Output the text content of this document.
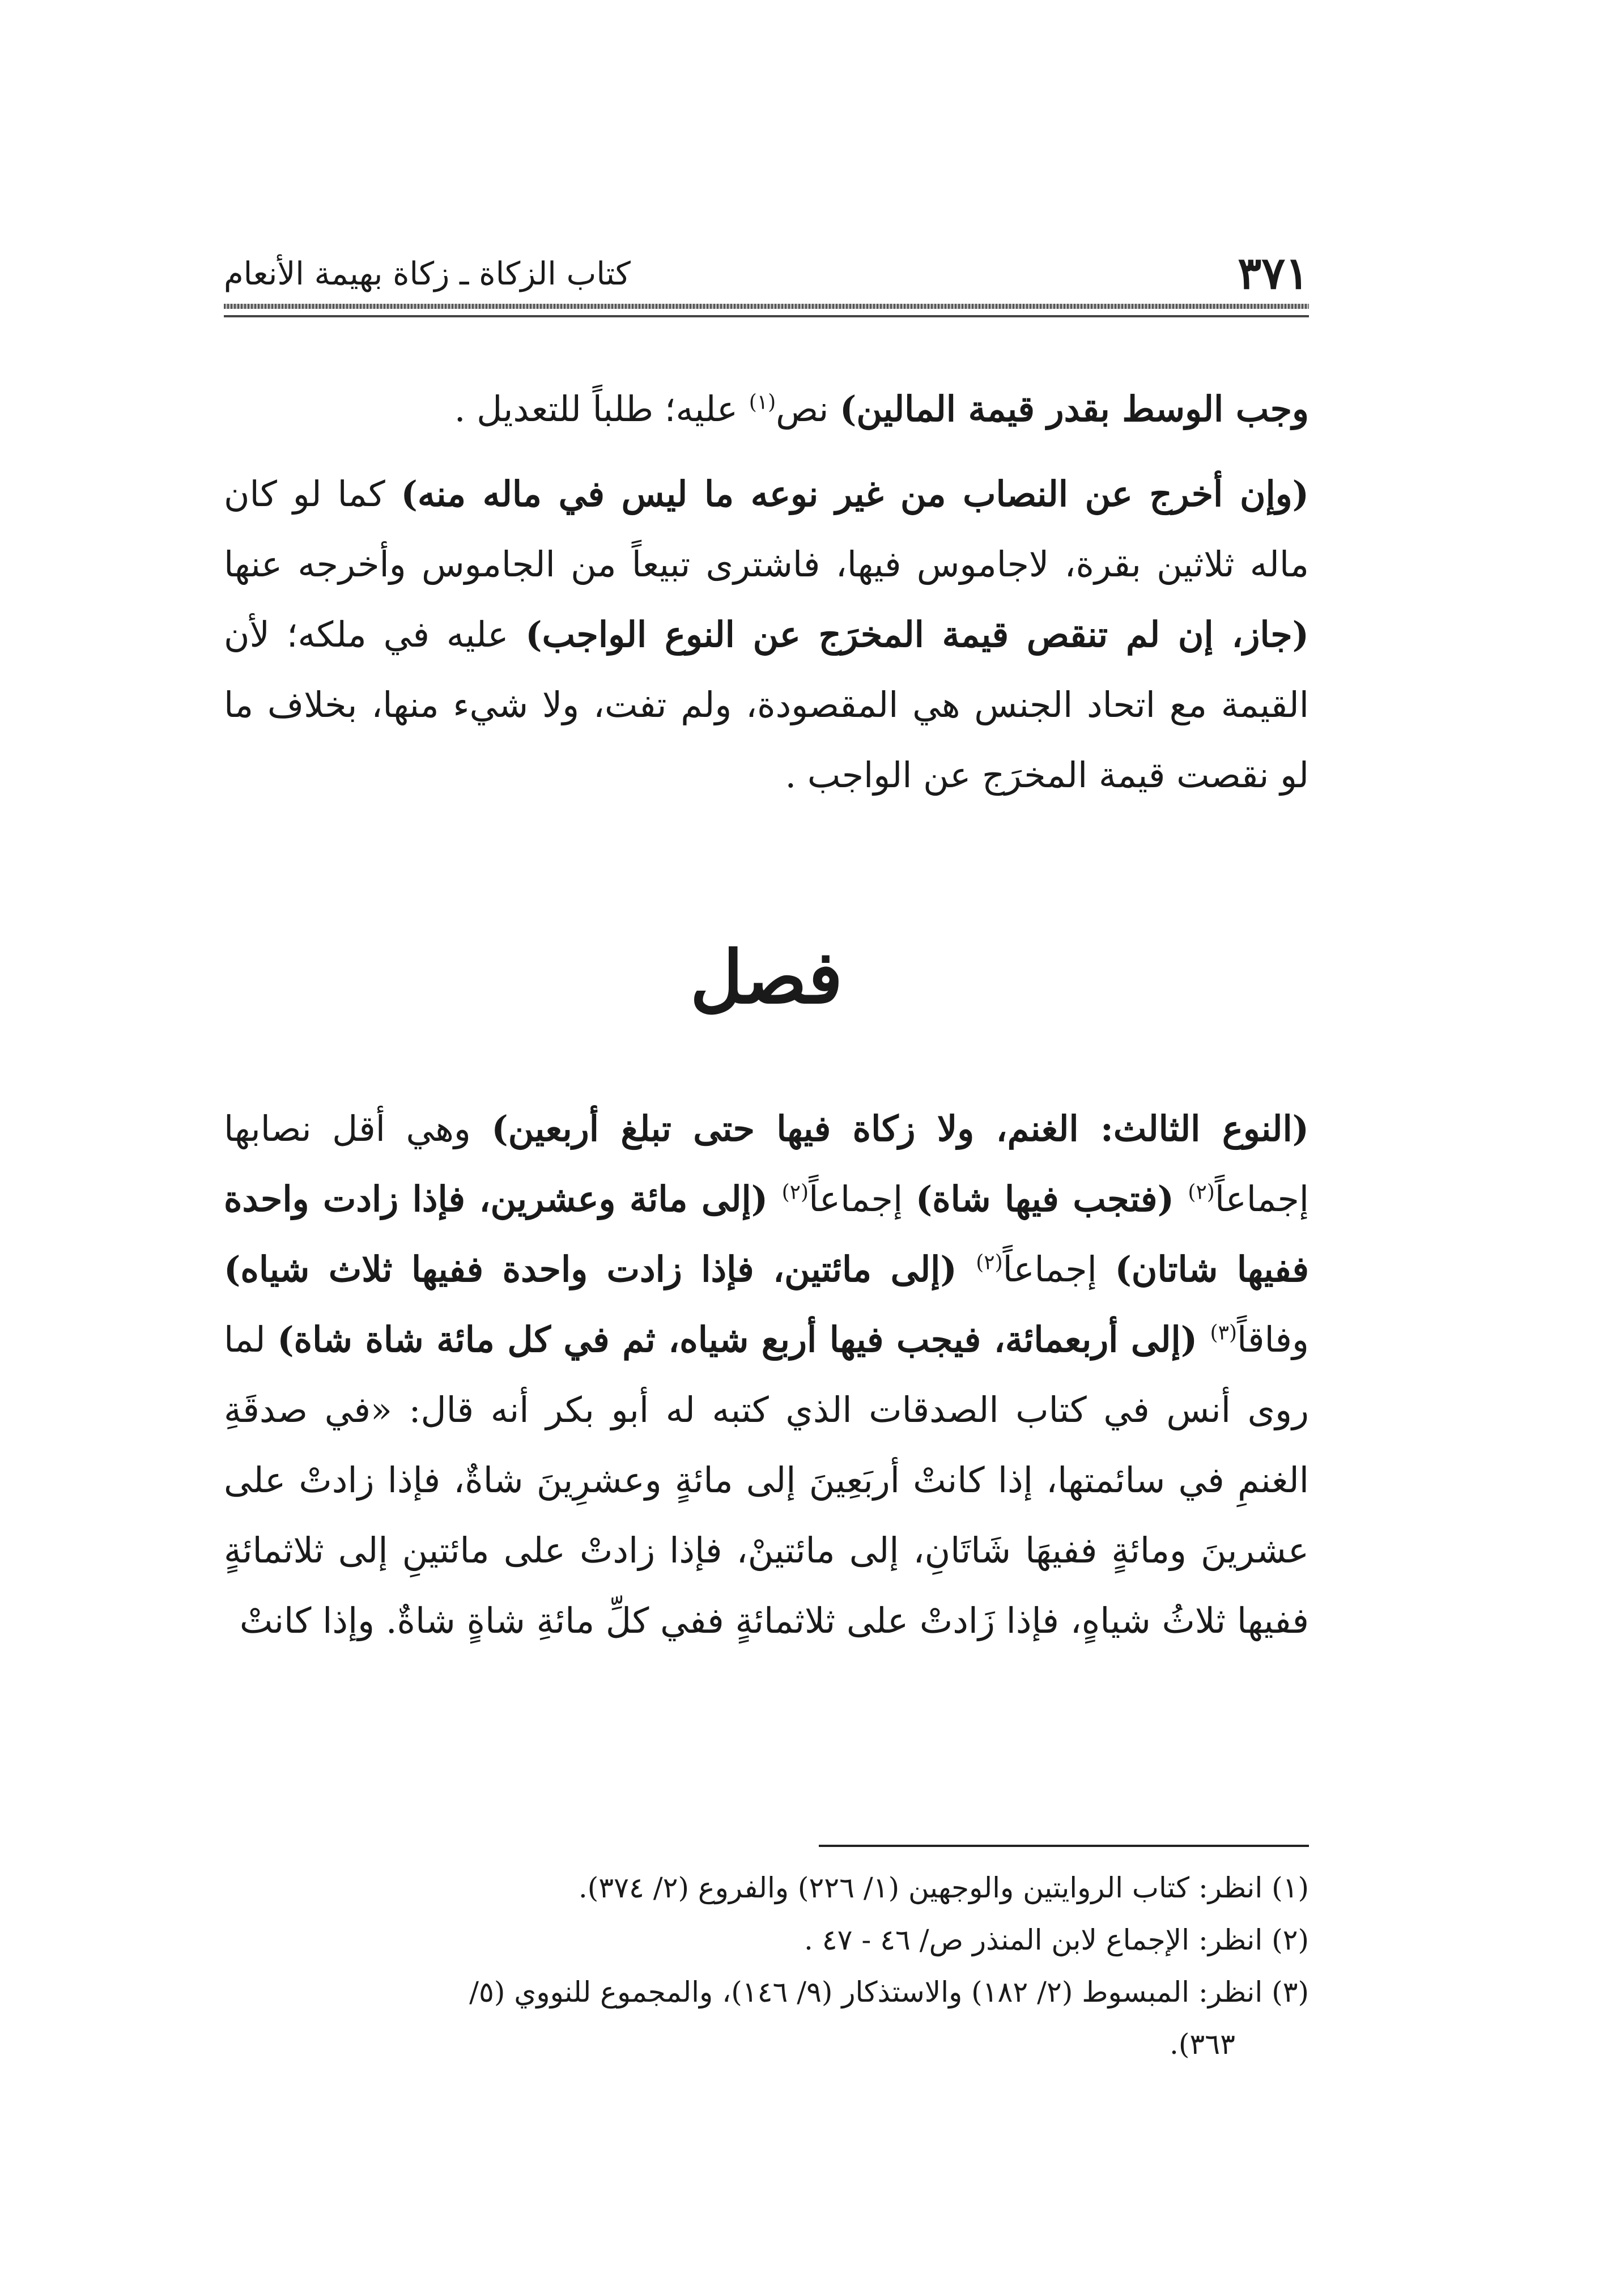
٣٧١
كتاب الزكاة ـ زكاة بهيمة الأنعام

وجب الوسط بقدر قيمة المالين) نص$^{(١)}$ عليه؛ طلباً للتعديل .

(وإن أخرج عن النصاب من غير نوعه ما ليس في ماله منه) كما لو كان ماله ثلاثين بقرة، لاجاموس فيها، فاشترى تبيعاً من الجاموس وأخرجه عنها (جاز، إن لم تنقص قيمة المخرَج عن النوع الواجب) عليه في ملكه؛ لأن القيمة مع اتحاد الجنس هي المقصودة، ولم تفت، ولا شيء منها، بخلاف ما لو نقصت قيمة المخرَج عن الواجب .

فصل

(النوع الثالث: الغنم، ولا زكاة فيها حتى تبلغ أربعين) وهي أقل نصابها إجماعاً$^{(٢)}$ (فتجب فيها شاة) إجماعاً$^{(٢)}$ (إلى مائة وعشرين، فإذا زادت واحدة ففيها شاتان) إجماعاً$^{(٢)}$ (إلى مائتين، فإذا زادت واحدة ففيها ثلاث شياه) وفاقاً$^{(٣)}$ (إلى أربعمائة، فيجب فيها أربع شياه، ثم في كل مائة شاة شاة) لما روى أنس في كتاب الصدقات الذي كتبه له أبو بكر أنه قال: «في صدقَةِ الغنمِ في سائمتها، إذا كانتْ أربَعِينَ إلى مائةٍ وعشرِينَ شاةٌ، فإذا زادتْ على عشرينَ ومائةٍ ففيهَا شَاتَانِ، إلى مائتينْ، فإذا زادتْ على مائتينِ إلى ثلاثمائةٍ ففيها ثلاثُ شياهٍ، فإذا زَادتْ على ثلاثمائةٍ ففي كلِّ مائةِ شاةٍ شاةٌ. وإذا كانتْ

(١) انظر: كتاب الروايتين والوجهين (١/ ٢٢٦) والفروع (٢/ ٣٧٤).
(٢) انظر: الإجماع لابن المنذر ص/ ٤٦ - ٤٧ .
(٣) انظر: المبسوط (٢/ ١٨٢) والاستذكار (٩/ ١٤٦)، والمجموع للنووي (٥/
٣٦٣).
